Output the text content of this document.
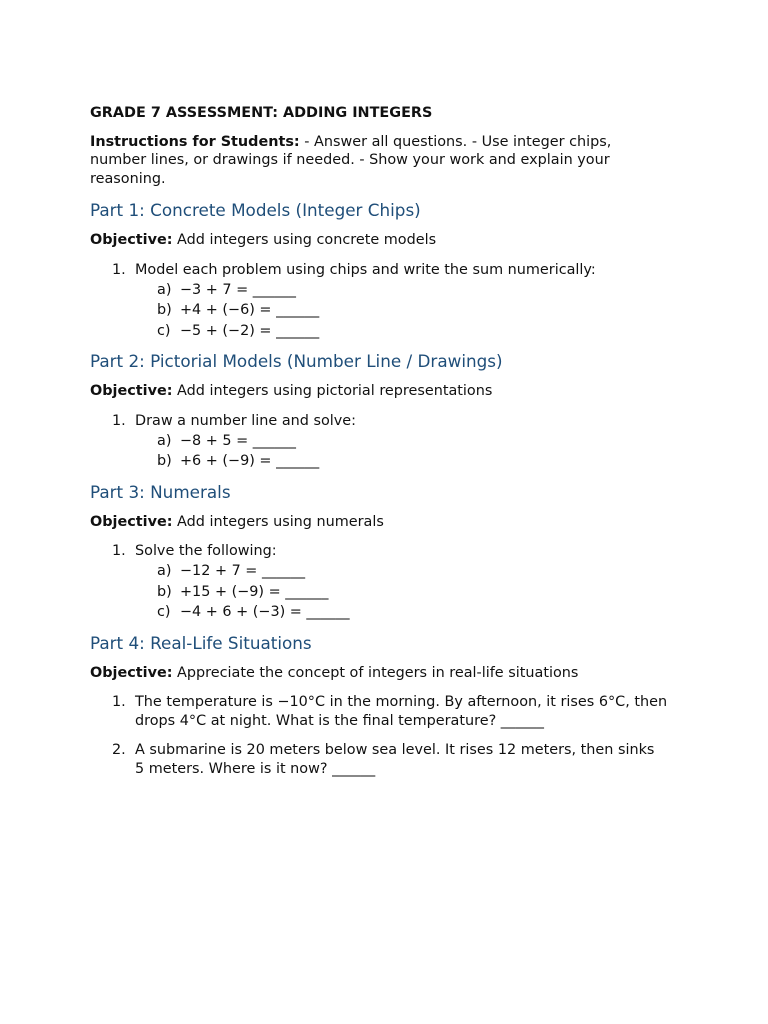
GRADE 7 ASSESSMENT: ADDING INTEGERS

Instructions for Students: - Answer all questions. - Use integer chips, number lines, or drawings if needed. - Show your work and explain your reasoning.

Part 1: Concrete Models (Integer Chips)

Objective: Add integers using concrete models

1. Model each problem using chips and write the sum numerically:
a) −3 + 7 = ______
b) +4 + (−6) = ______
c) −5 + (−2) = ______
Part 2: Pictorial Models (Number Line / Drawings)

Objective: Add integers using pictorial representations

1. Draw a number line and solve:
a) −8 + 5 = ______
b) +6 + (−9) = ______
Part 3: Numerals

Objective: Add integers using numerals

1. Solve the following:
a) −12 + 7 = ______
b) +15 + (−9) = ______
c) −4 + 6 + (−3) = ______
Part 4: Real-Life Situations

Objective: Appreciate the concept of integers in real-life situations

1. The temperature is −10°C in the morning. By afternoon, it rises 6°C, then drops 4°C at night. What is the final temperature? ______
2. A submarine is 20 meters below sea level. It rises 12 meters, then sinks 5 meters. Where is it now? ______
